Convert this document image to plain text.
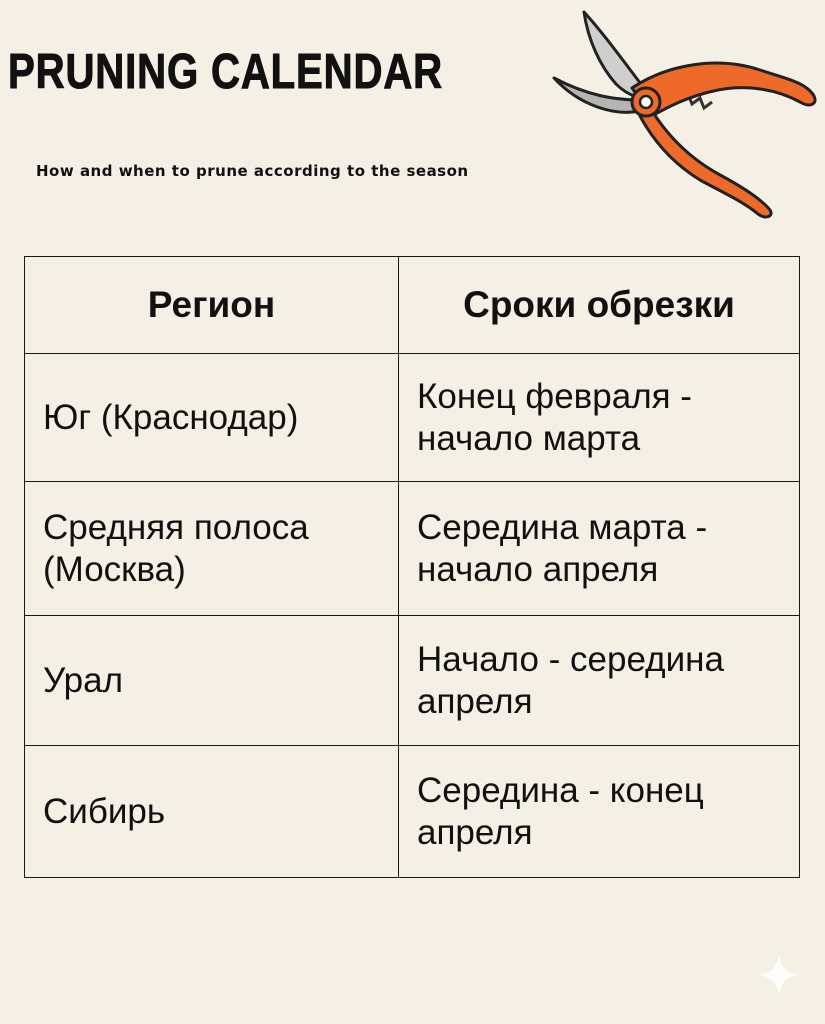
PRUNING CALENDAR
How and when to prune according to the season
Регион	Сроки обрезки
Юг (Краснодар)	Конец февраля - начало марта
Средняя полоса (Москва)	Середина марта - начало апреля
Урал	Начало - середина апреля
Сибирь	Середина - конец апреля
